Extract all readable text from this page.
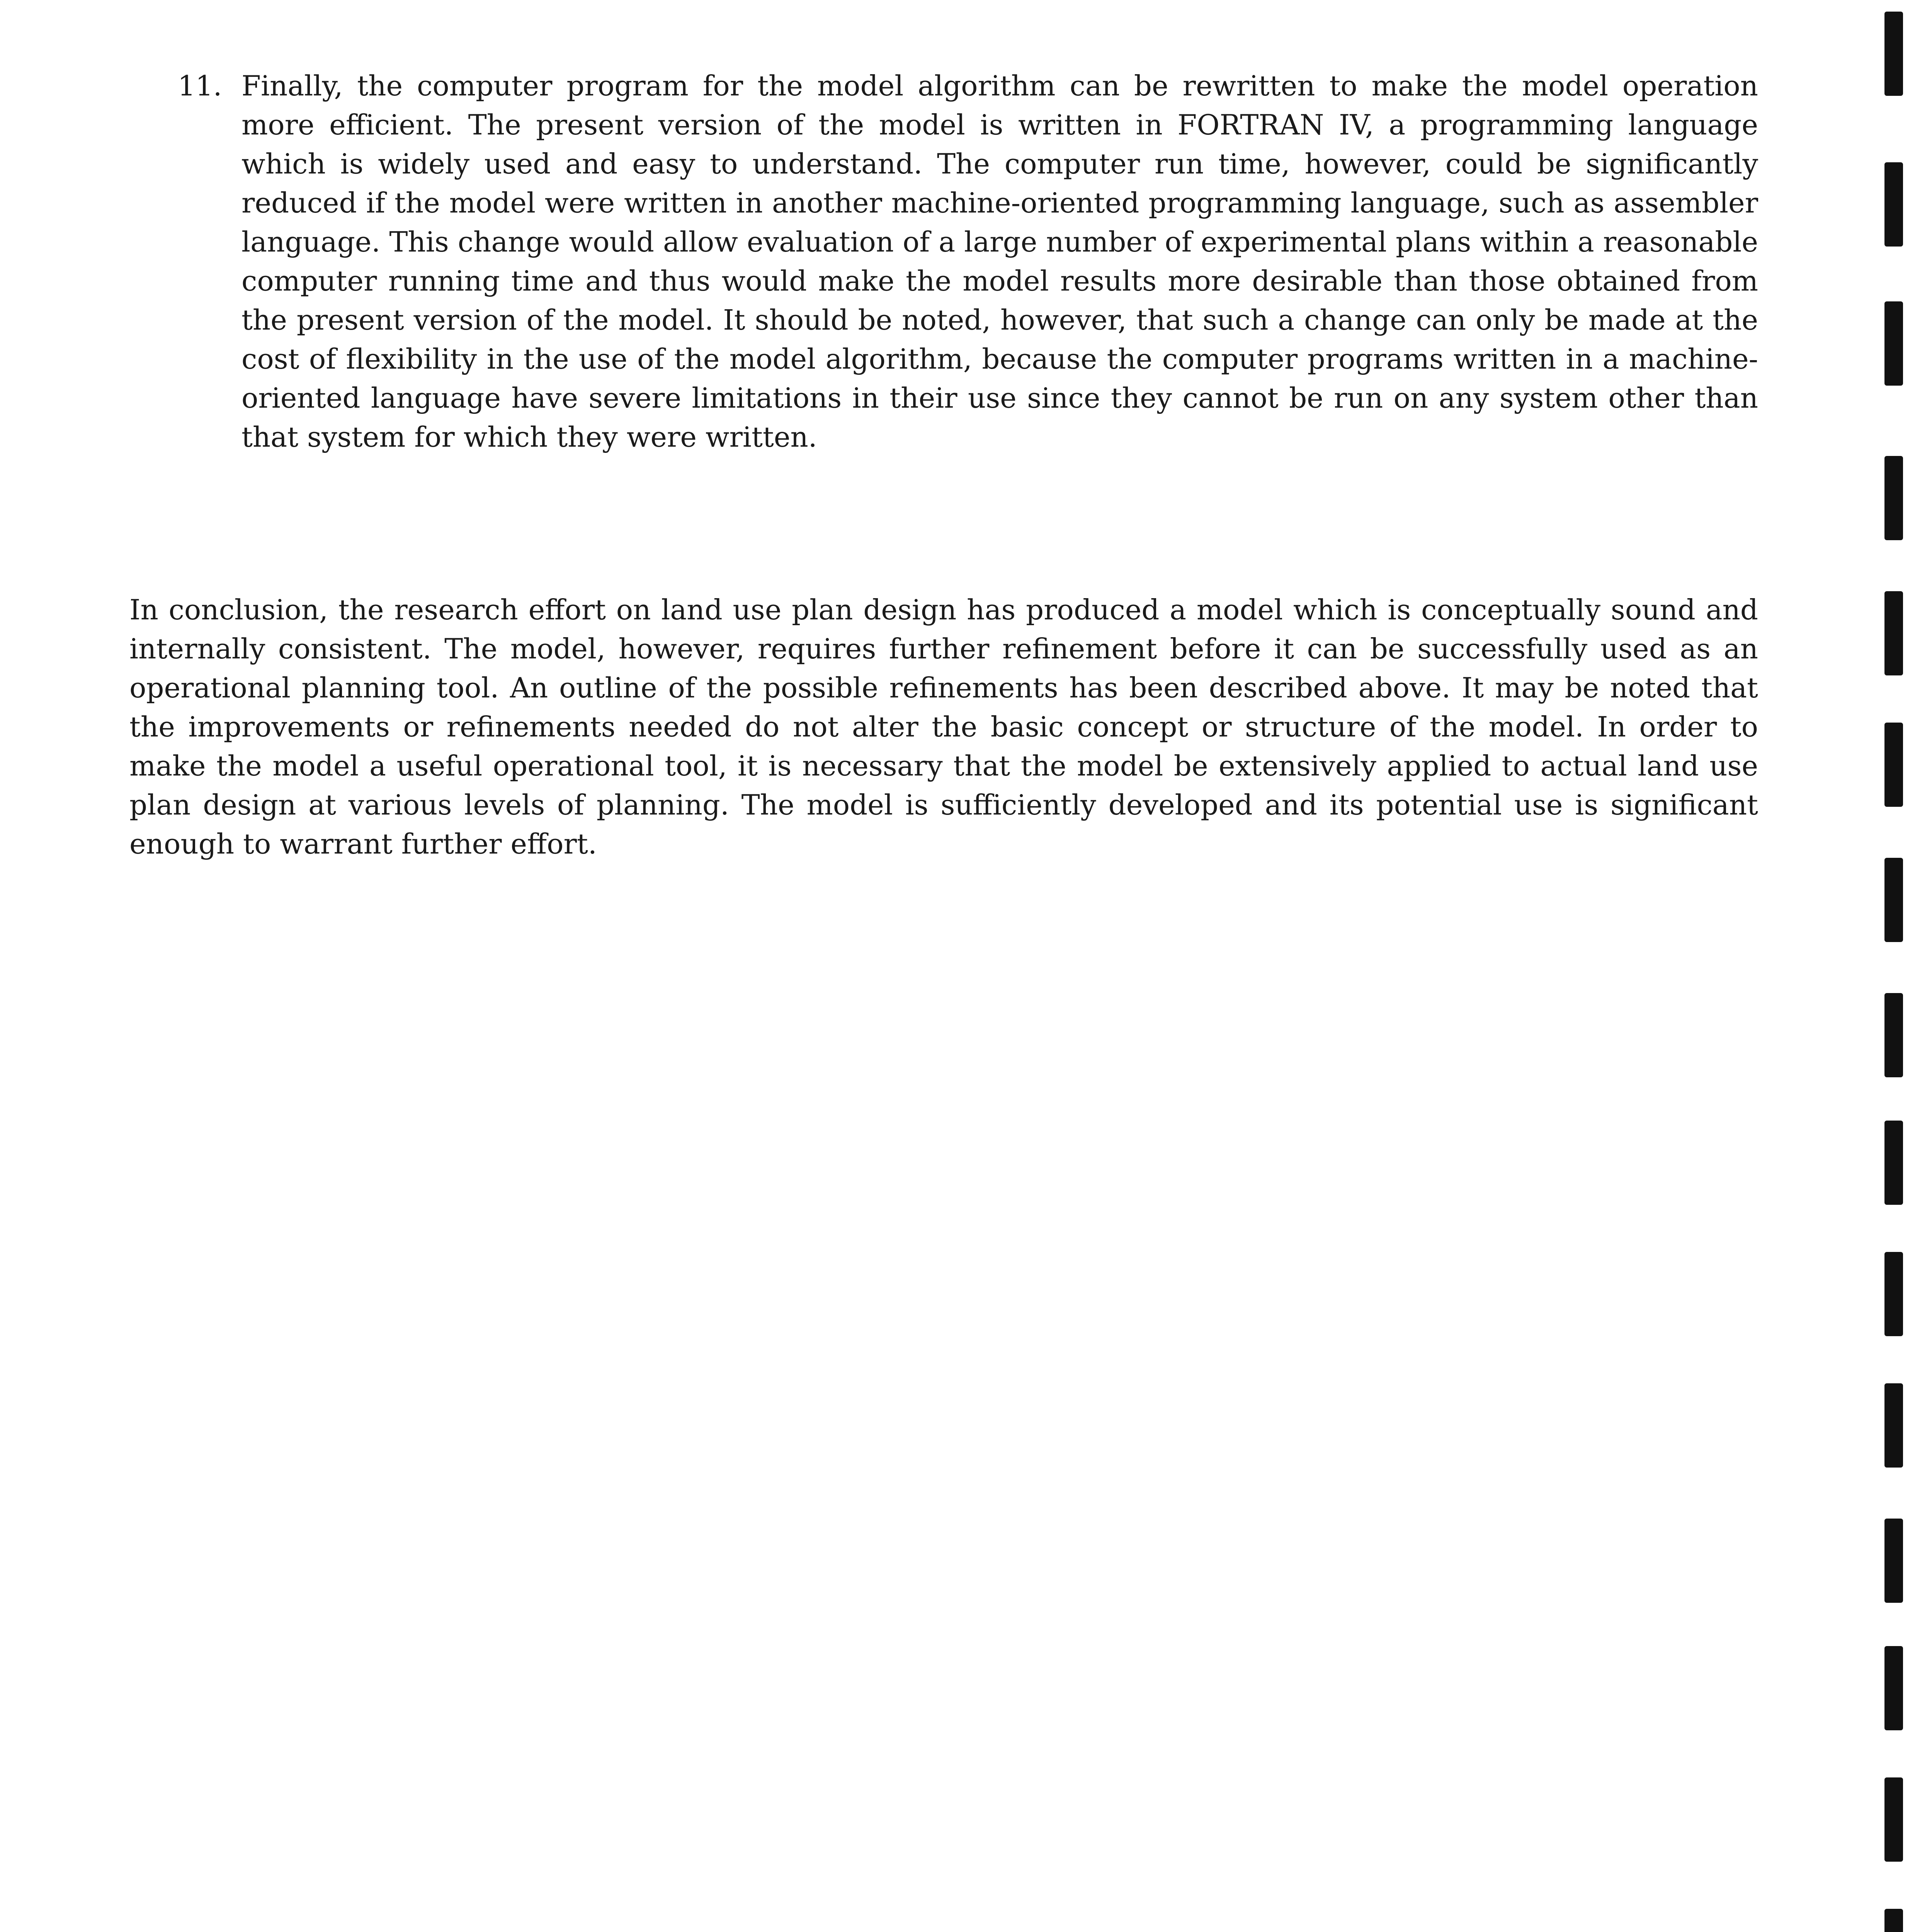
11. Finally, the computer program for the model algorithm can be rewritten to make the model operation more efficient. The present version of the model is written in FORTRAN IV, a programming language which is widely used and easy to understand. The computer run time, however, could be significantly reduced if the model were written in another machine-oriented programming language, such as assembler language. This change would allow evaluation of a large number of experimental plans within a reasonable computer running time and thus would make the model results more desirable than those obtained from the present version of the model. It should be noted, however, that such a change can only be made at the cost of flexibility in the use of the model algorithm, because the computer programs written in a machine-oriented language have severe limitations in their use since they cannot be run on any system other than that system for which they were written.

In conclusion, the research effort on land use plan design has produced a model which is conceptually sound and internally consistent. The model, however, requires further refinement before it can be successfully used as an operational planning tool. An outline of the possible refinements has been described above. It may be noted that the improvements or refinements needed do not alter the basic concept or structure of the model. In order to make the model a useful operational tool, it is necessary that the model be extensively applied to actual land use plan design at various levels of planning. The model is sufficiently developed and its potential use is significant enough to warrant further effort.
